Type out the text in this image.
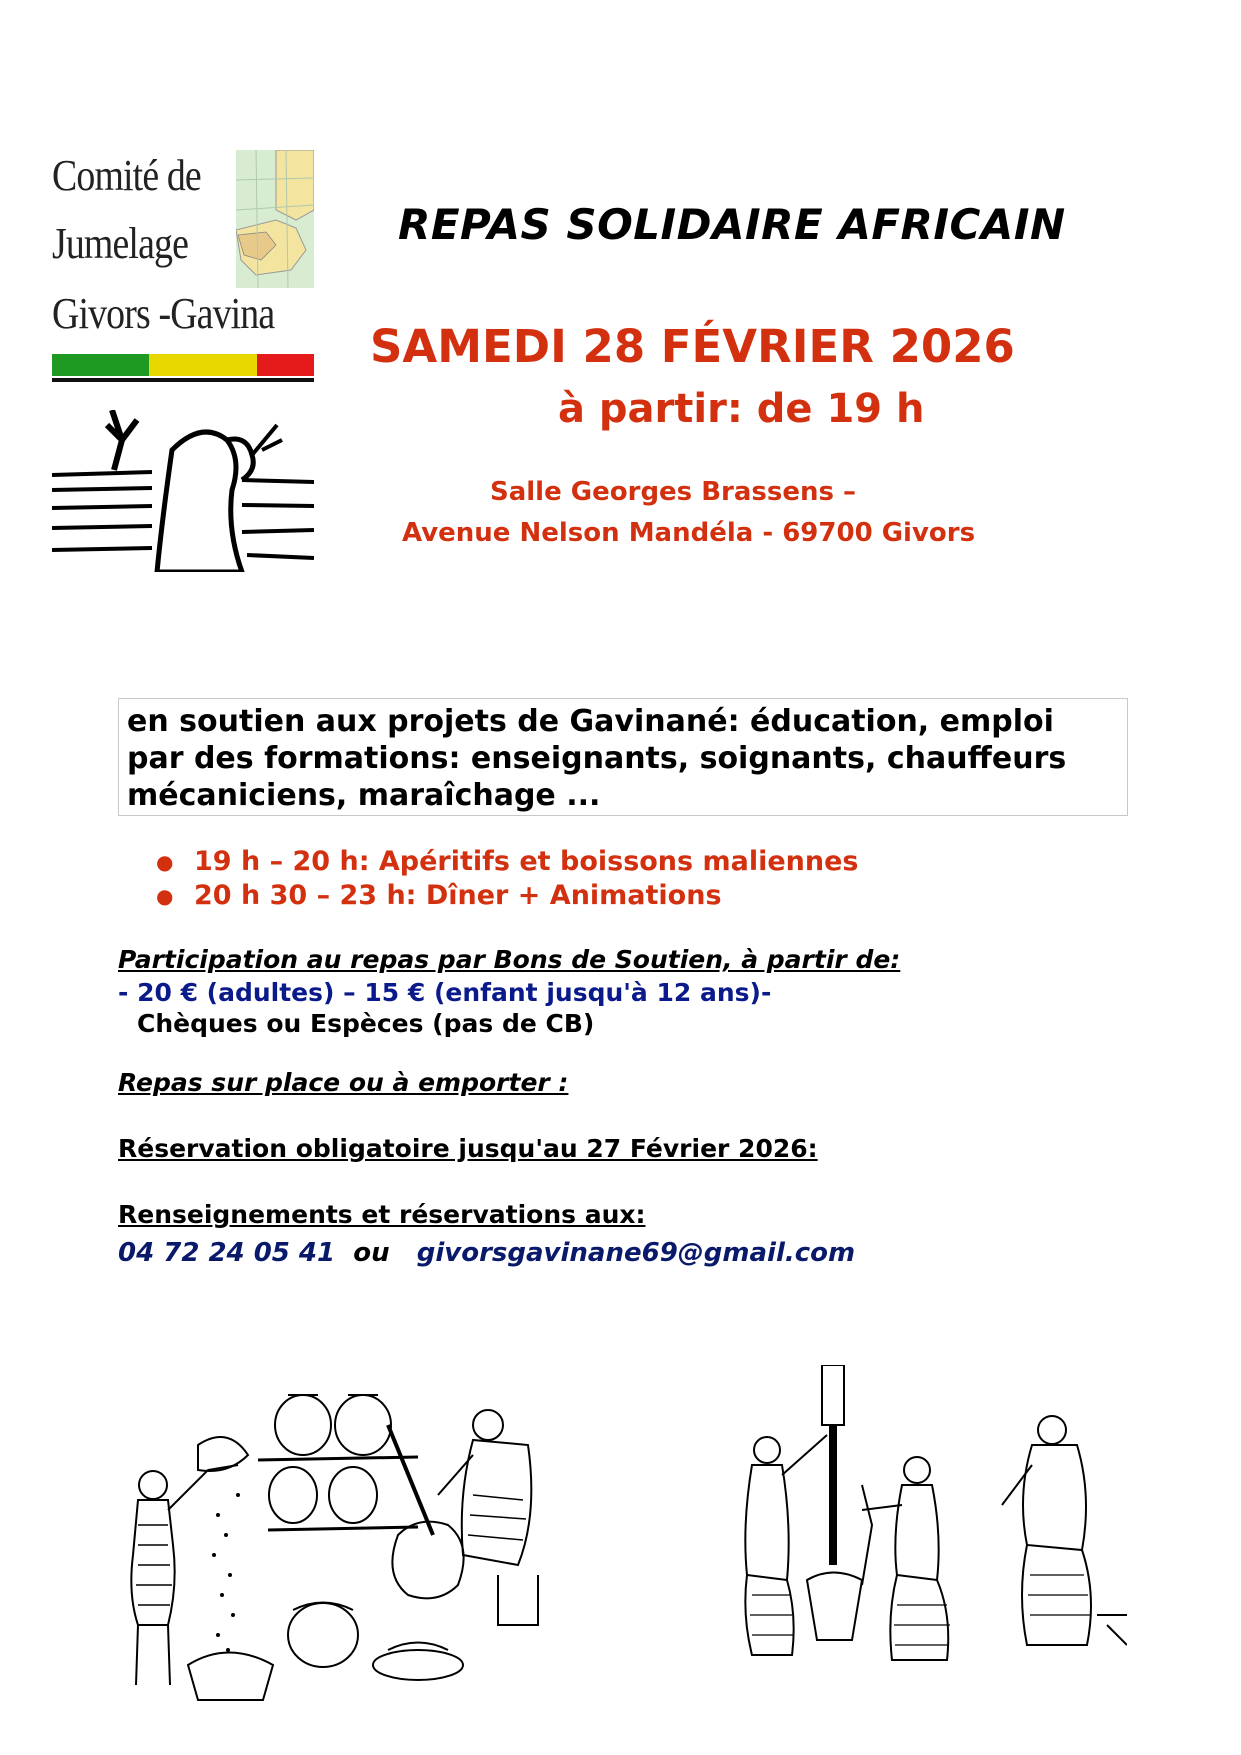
Comité de
Jumelage
Givors -Gavina
REPAS SOLIDAIRE AFRICAIN
SAMEDI 28 FÉVRIER 2026
à partir: de 19 h
Salle Georges Brassens –
Avenue Nelson Mandéla - 69700 Givors
en soutien aux projets de Gavinané: éducation, emploi
par des formations: enseignants, soignants, chauffeurs
mécaniciens, maraîchage ...
● 19 h – 20 h: Apéritifs et boissons maliennes
● 20 h 30 – 23 h: Dîner + Animations
Participation au repas par Bons de Soutien, à partir de:
- 20 € (adultes) – 15 € (enfant jusqu'à 12 ans)-
Chèques ou Espèces (pas de CB)
Repas sur place ou à emporter :
Réservation obligatoire jusqu'au 27 Février 2026:
Renseignements et réservations aux:
04 72 24 05 41 ou givorsgavinane69@gmail.com
